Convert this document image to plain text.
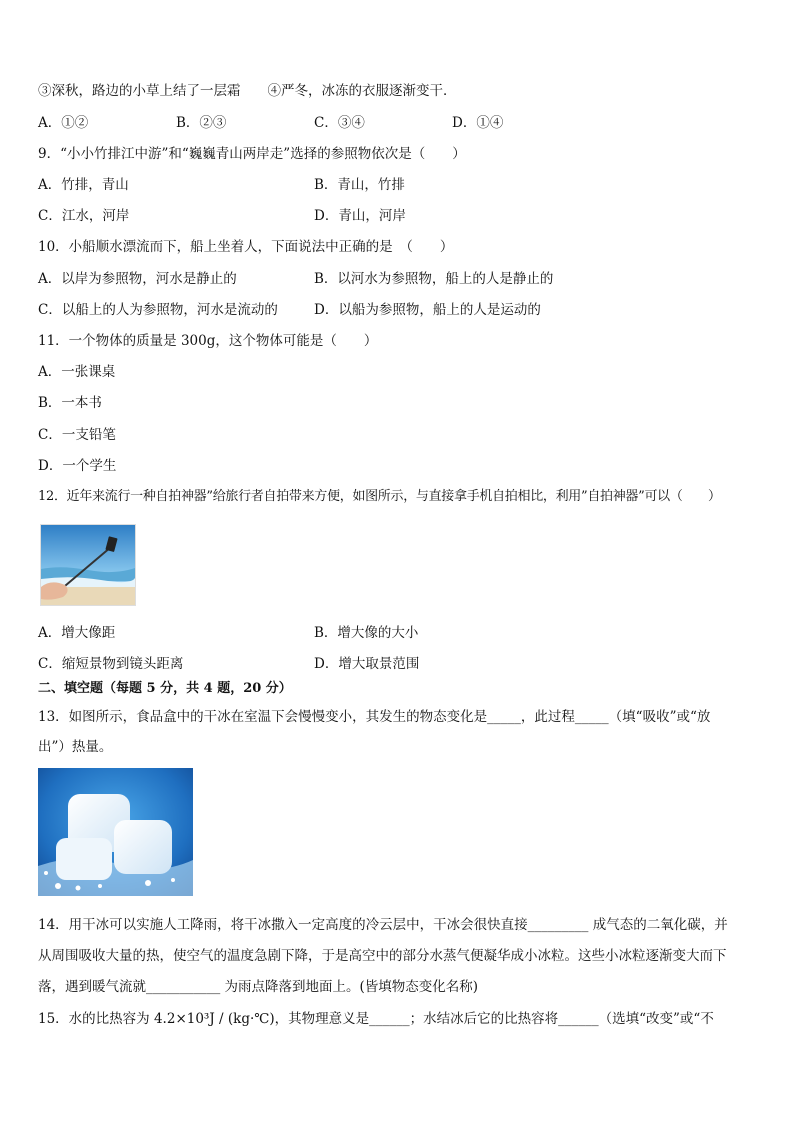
③深秋，路边的小草上结了一层霜　　④严冬，冰冻的衣服逐渐变干．
A．①②	B．②③	C．③④	D．①④
9．“小小竹排江中游”和“巍巍青山两岸走”选择的参照物依次是（　　）
A．竹排，青山	B．青山，竹排
C．江水，河岸	D．青山，河岸
10．小船顺水漂流而下，船上坐着人，下面说法中正确的是　（　　）
A．以岸为参照物，河水是静止的	B．以河水为参照物，船上的人是静止的
C．以船上的人为参照物，河水是流动的	D．以船为参照物，船上的人是运动的
11．一个物体的质量是 300g，这个物体可能是（　　）
A．一张课桌
B．一本书
C．一支铅笔
D．一个学生
12．近年来流行一种自拍神器”给旅行者自拍带来方便，如图所示，与直接拿手机自拍相比，利用”自拍神器”可以（　　）
A．增大像距	B．增大像的大小
C．缩短景物到镜头距离	D．增大取景范围
二、填空题（每题 5 分，共 4 题，20 分）
13．如图所示，食品盒中的干冰在室温下会慢慢变小，其发生的物态变化是_____，此过程_____（填“吸收”或“放
出”）热量。
14．用干冰可以实施人工降雨，将干冰撒入一定高度的冷云层中，干冰会很快直接_________ 成气态的二氧化碳，并
从周围吸收大量的热，使空气的温度急剧下降，于是高空中的部分水蒸气便凝华成小冰粒。这些小冰粒逐渐变大而下
落，遇到暖气流就___________ 为雨点降落到地面上。(皆填物态变化名称)
15．水的比热容为 4.2×10³J / (kg·℃)，其物理意义是______；水结冰后它的比热容将______（选填“改变”或“不
